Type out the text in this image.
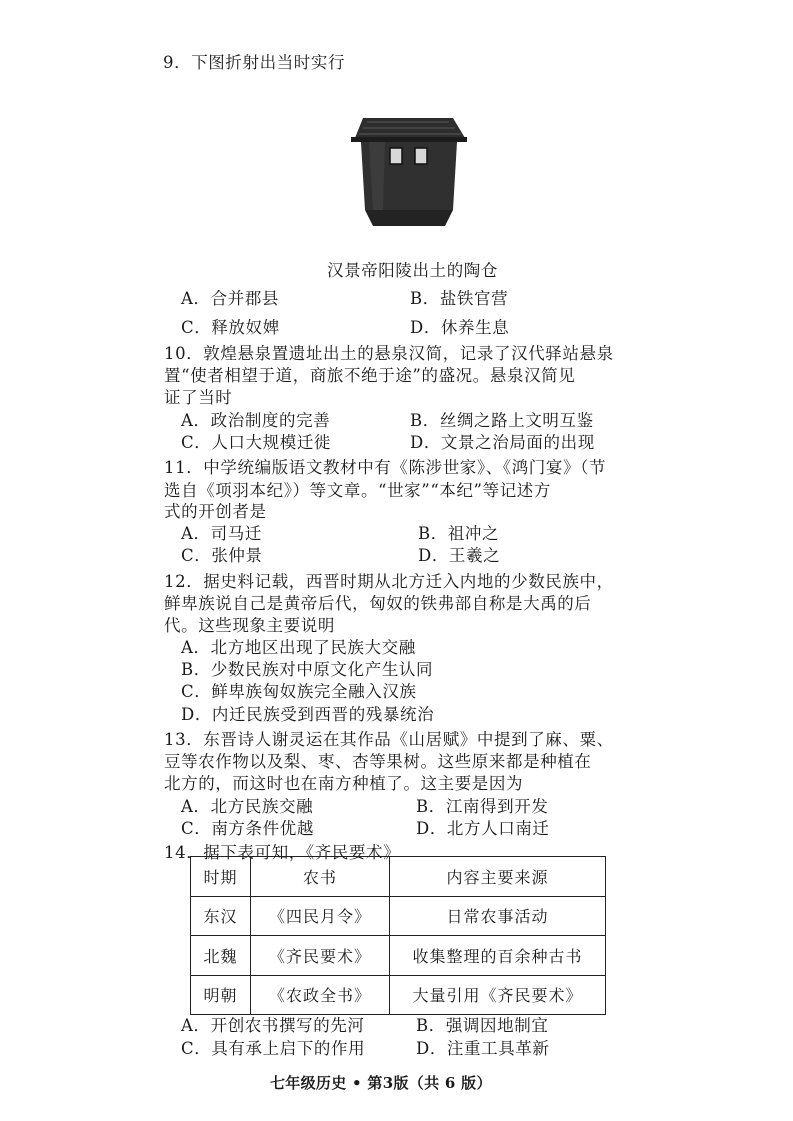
9．下图折射出当时实行
汉景帝阳陵出土的陶仓
A．合并郡县	B．盐铁官营
C．释放奴婢	D．休养生息
10．敦煌悬泉置遗址出土的悬泉汉简，记录了汉代驿站悬泉
置“使者相望于道，商旅不绝于途”的盛况。悬泉汉简见
证了当时
A．政治制度的完善	B．丝绸之路上文明互鉴
C．人口大规模迁徙	D．文景之治局面的出现
11．中学统编版语文教材中有《陈涉世家》、《鸿门宴》（节
选自《项羽本纪》）等文章。“世家”“本纪”等记述方
式的开创者是
A．司马迁	B．祖冲之
C．张仲景	D．王羲之
12．据史料记载，西晋时期从北方迁入内地的少数民族中，
鲜卑族说自己是黄帝后代，匈奴的铁弗部自称是大禹的后
代。这些现象主要说明
A．北方地区出现了民族大交融
B．少数民族对中原文化产生认同
C．鲜卑族匈奴族完全融入汉族
D．内迁民族受到西晋的残暴统治
13．东晋诗人谢灵运在其作品《山居赋》中提到了麻、粟、
豆等农作物以及梨、枣、杏等果树。这些原来都是种植在
北方的，而这时也在南方种植了。这主要是因为
A．北方民族交融	B．江南得到开发
C．南方条件优越	D．北方人口南迁
14．据下表可知，《齐民要术》
时期	农书	内容主要来源
东汉	《四民月令》	日常农事活动
北魏	《齐民要术》	收集整理的百余种古书
明朝	《农政全书》	大量引用《齐民要术》
A．开创农书撰写的先河	B．强调因地制宜
C．具有承上启下的作用	D．注重工具革新
七年级历史 • 第3版（共 6 版）
